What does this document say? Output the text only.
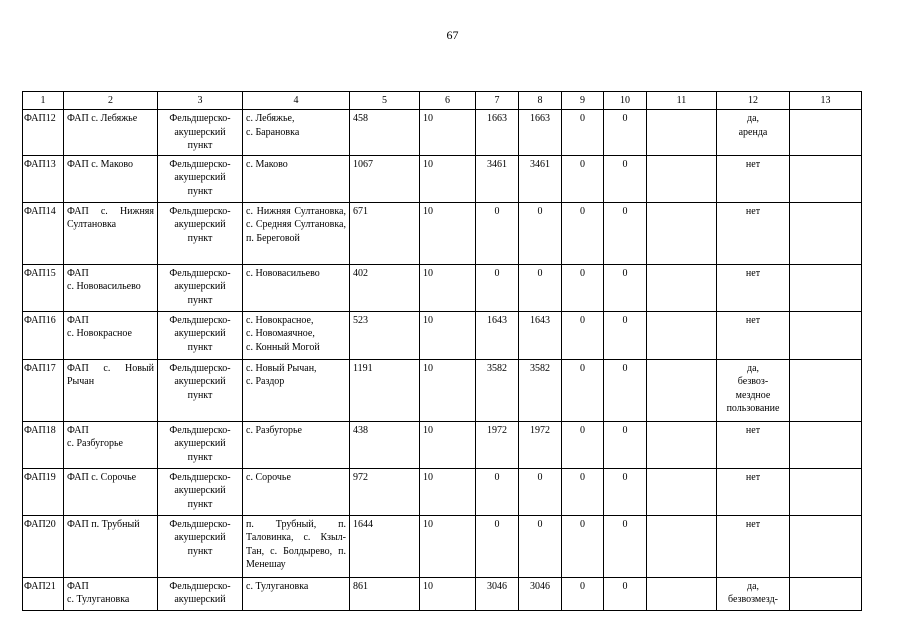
67
1	2	3	4	5	6	7	8	9	10	11	12	13
ФАП12	ФАП с. Лебяжье	Фельдшерско-
акушерский
пункт	с. Лебяжье,
с. Барановка	458	10	1663	1663	0	0		да,
аренда	
ФАП13	ФАП с. Маково	Фельдшерско-
акушерский
пункт	с. Маково	1067	10	3461	3461	0	0		нет	
ФАП14	ФАП с. Нижняя Султановка	Фельдшерско-
акушерский
пункт	с. Нижняя Султановка, с. Средняя Султановка, п. Береговой	671	10	0	0	0	0		нет	
ФАП15	ФАП
с. Нововасильево	Фельдшерско-
акушерский
пункт	с. Нововасильево	402	10	0	0	0	0		нет	
ФАП16	ФАП
с. Новокрасное	Фельдшерско-
акушерский
пункт	с. Новокрасное,
с. Новомаячное,
с. Конный Могой	523	10	1643	1643	0	0		нет	
ФАП17	ФАП с. Новый Рычан	Фельдшерско-
акушерский
пункт	с. Новый Рычан,
с. Раздор	1191	10	3582	3582	0	0		да,
безвоз-
мездное
пользование	
ФАП18	ФАП
с. Разбугорье	Фельдшерско-
акушерский
пункт	с. Разбугорье	438	10	1972	1972	0	0		нет	
ФАП19	ФАП с. Сорочье	Фельдшерско-
акушерский
пункт	с. Сорочье	972	10	0	0	0	0		нет	
ФАП20	ФАП п. Трубный	Фельдшерско-
акушерский
пункт	п. Трубный, п. Таловинка, с. Кзыл-Тан, с. Болдырево, п. Менешау	1644	10	0	0	0	0		нет	
ФАП21	ФАП
с. Тулугановка	Фельдшерско-
акушерский	с. Тулугановка	861	10	3046	3046	0	0		да,
безвозмезд-	
